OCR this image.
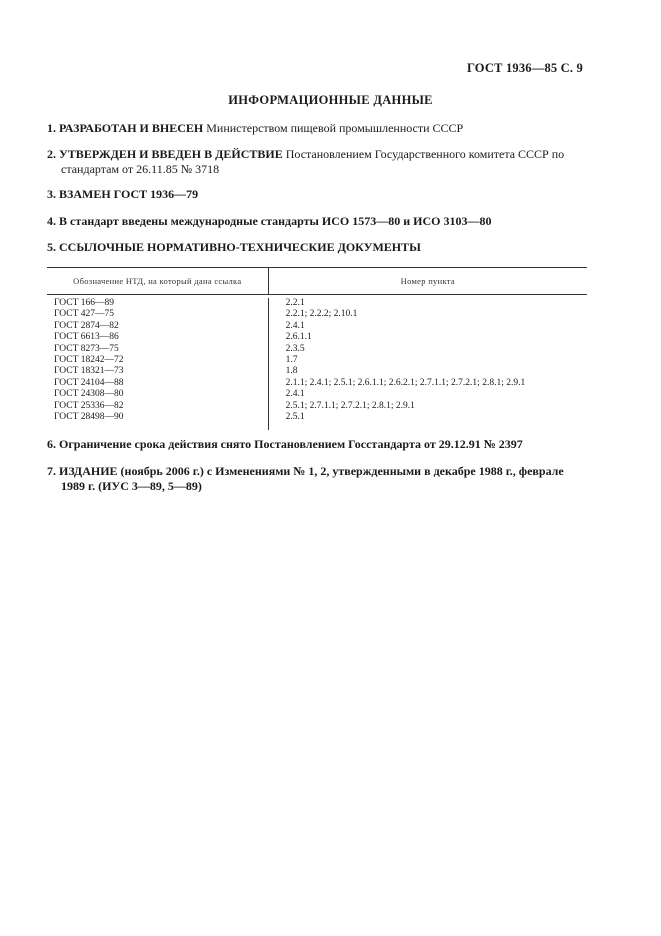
ГОСТ 1936—85 С. 9
ИНФОРМАЦИОННЫЕ ДАННЫЕ
1. РАЗРАБОТАН И ВНЕСЕН Министерством пищевой промышленности СССР
2. УТВЕРЖДЕН И ВВЕДЕН В ДЕЙСТВИЕ Постановлением Государственного комитета СССР по
стандартам от 26.11.85 № 3718
3. ВЗАМЕН ГОСТ 1936—79
4. В стандарт введены международные стандарты ИСО 1573—80 и ИСО 3103—80
5. ССЫЛОЧНЫЕ НОРМАТИВНО-ТЕХНИЧЕСКИЕ ДОКУМЕНТЫ
Обозначение НТД, на который дана ссылка	Номер пункта
ГОСТ 166—89
ГОСТ 427—75
ГОСТ 2874—82
ГОСТ 6613—86
ГОСТ 8273—75
ГОСТ 18242—72
ГОСТ 18321—73
ГОСТ 24104—88
ГОСТ 24308—80
ГОСТ 25336—82
ГОСТ 28498—90
2.2.1
2.2.1; 2.2.2; 2.10.1
2.4.1
2.6.1.1
2.3.5
1.7
1.8
2.1.1; 2.4.1; 2.5.1; 2.6.1.1; 2.6.2.1; 2.7.1.1; 2.7.2.1; 2.8.1; 2.9.1
2.4.1
2.5.1; 2.7.1.1; 2.7.2.1; 2.8.1; 2.9.1
2.5.1
6. Ограничение срока действия снято Постановлением Госстандарта от 29.12.91 № 2397
7. ИЗДАНИЕ (ноябрь 2006 г.) с Изменениями № 1, 2, утвержденными в декабре 1988 г., феврале
1989 г. (ИУС 3—89, 5—89)
